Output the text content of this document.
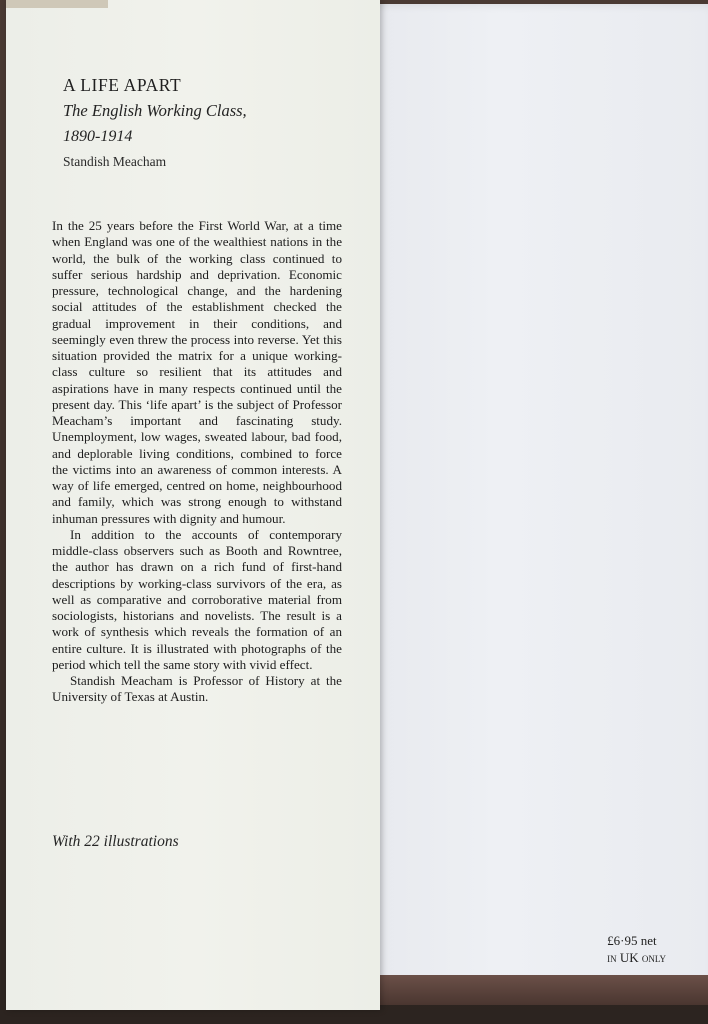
A LIFE APART
The English Working Class,
1890-1914
Standish Meacham

In the 25 years before the First World War, at a time when England was one of the wealthiest nations in the world, the bulk of the working class continued to suffer serious hardship and deprivation. Economic pressure, technological change, and the hardening social attitudes of the establishment checked the gradual improvement in their conditions, and seemingly even threw the process into reverse. Yet this situation provided the matrix for a unique working-class culture so resilient that its attitudes and aspirations have in many respects continued until the present day. This ‘life apart’ is the subject of Professor Meacham’s important and fascinating study. Unemployment, low wages, sweated labour, bad food, and deplorable living conditions, combined to force the victims into an awareness of common interests. A way of life emerged, centred on home, neighbourhood and family, which was strong enough to withstand inhuman pressures with dignity and humour.

In addition to the accounts of contemporary middle-class observers such as Booth and Rowntree, the author has drawn on a rich fund of first-hand descriptions by working-class survivors of the era, as well as comparative and corroborative material from sociologists, historians and novelists. The result is a work of synthesis which reveals the formation of an entire culture. It is illustrated with photographs of the period which tell the same story with vivid effect.

Standish Meacham is Professor of History at the University of Texas at Austin.

With 22 illustrations
£6·95 net
in UK only
